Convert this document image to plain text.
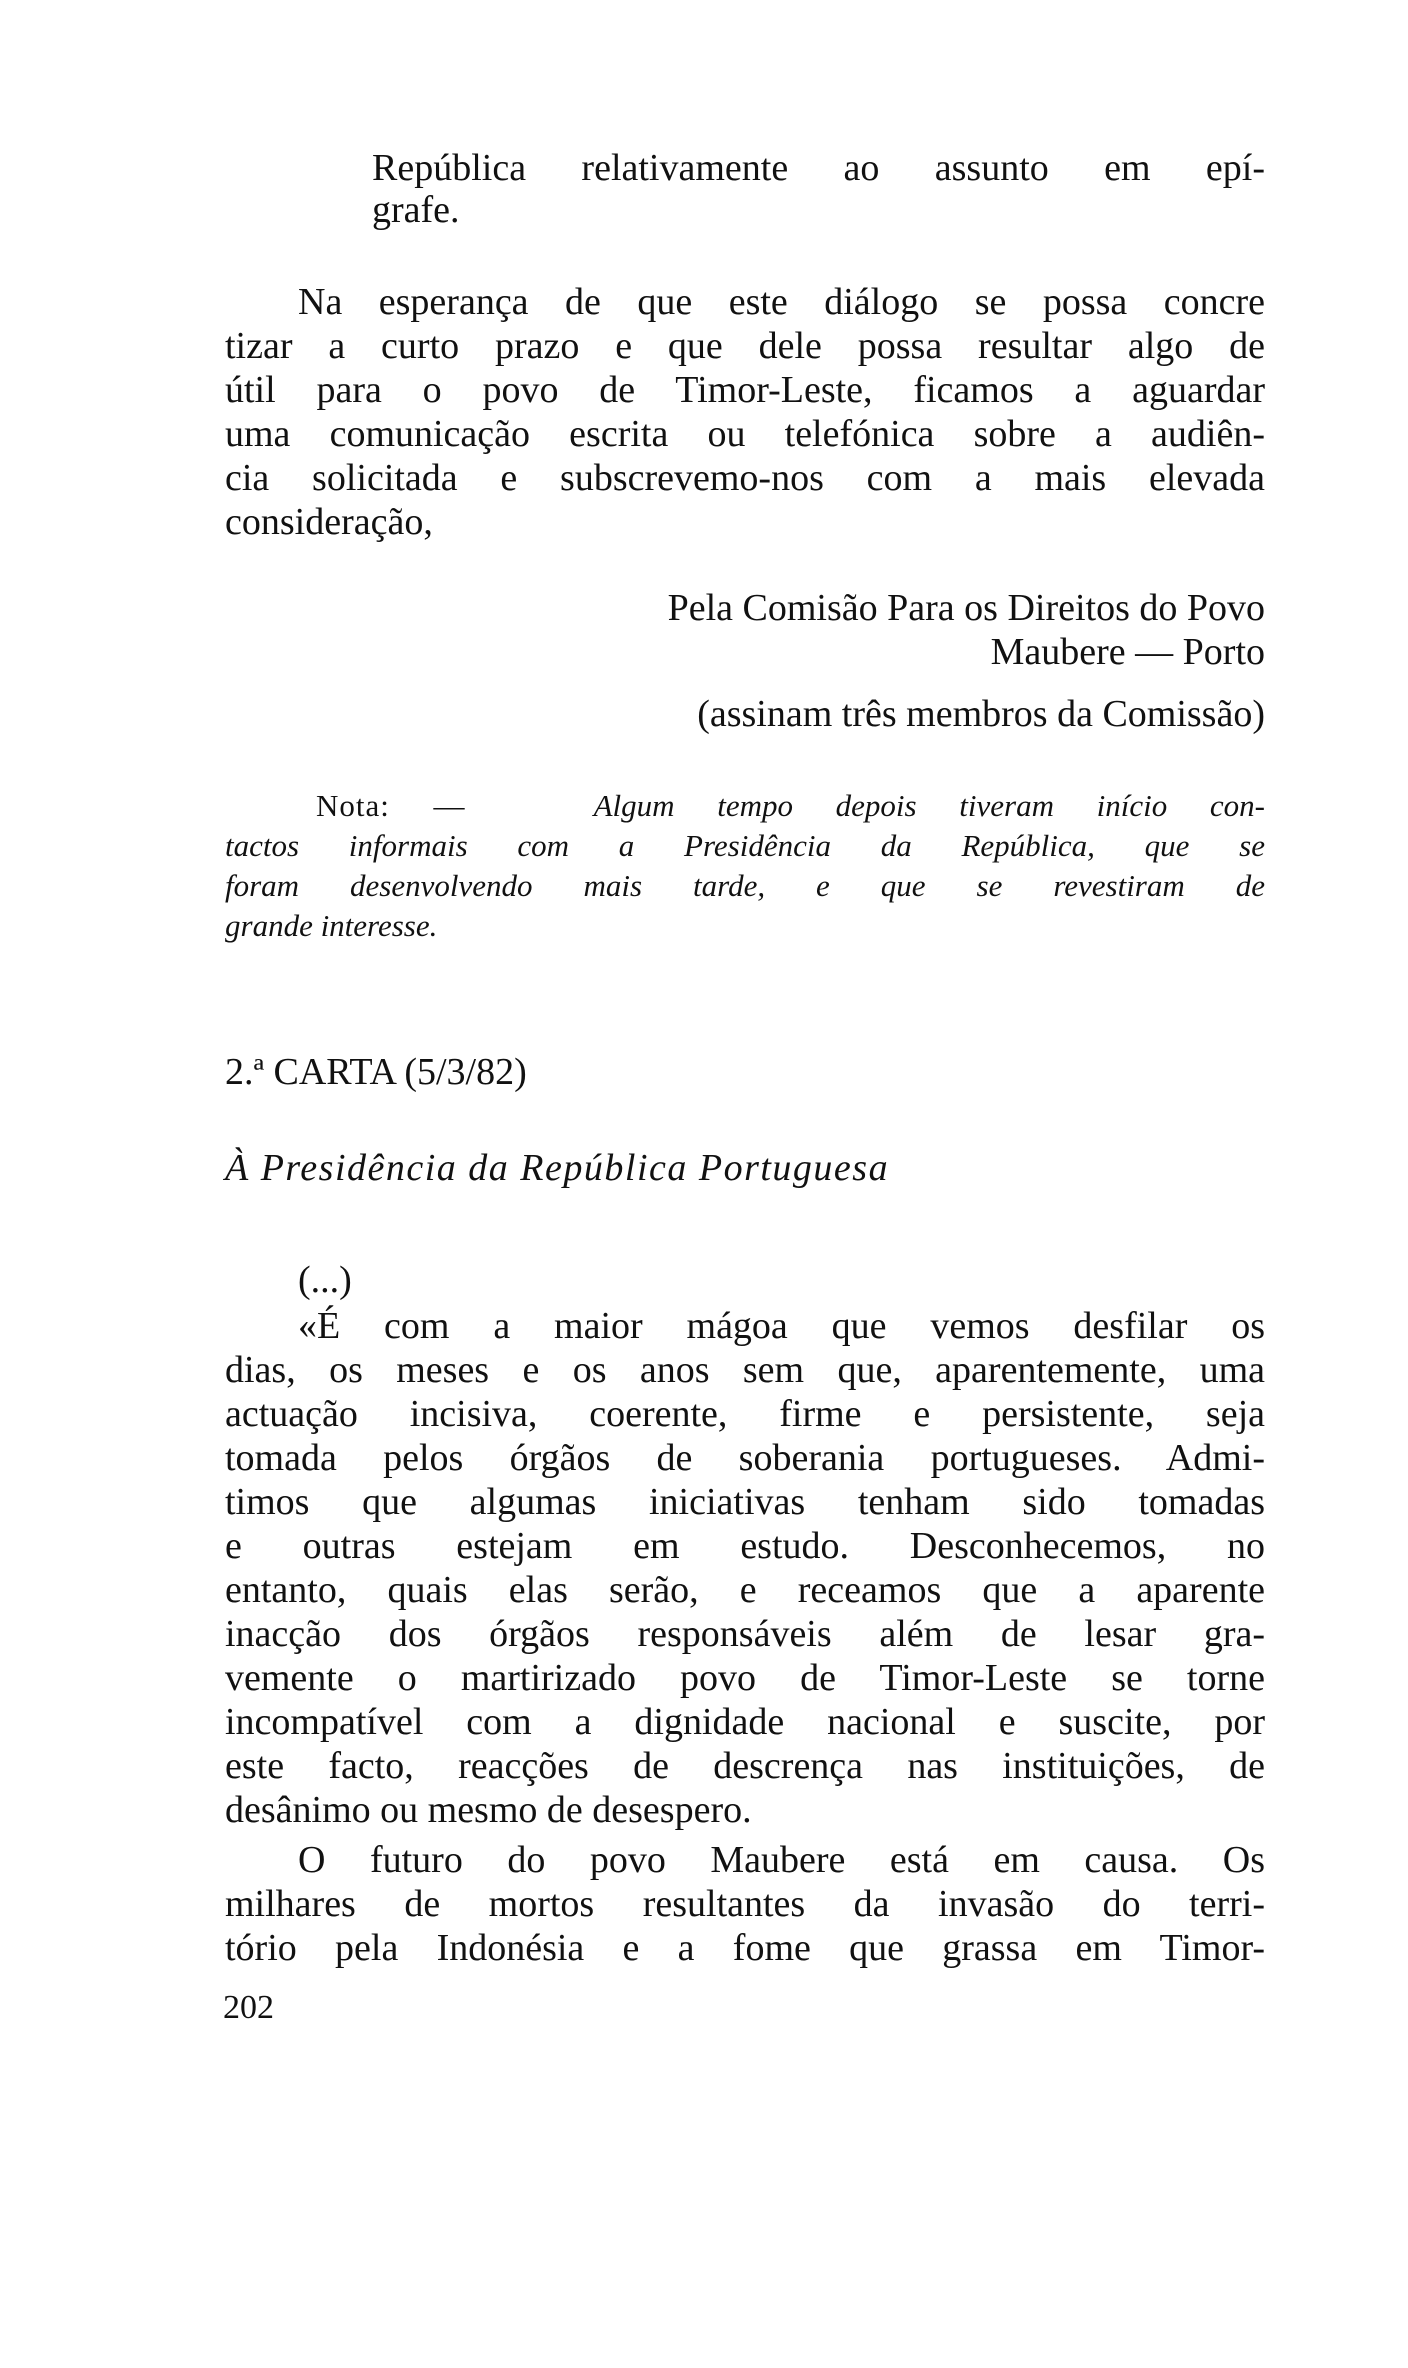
República relativamente ao assunto em epí-
grafe.
Na esperança de que este diálogo se possa concre
tizar a curto prazo e que dele possa resultar algo de
útil para o povo de Timor-Leste, ficamos a aguardar
uma comunicação escrita ou telefónica sobre a audiên-
cia solicitada e subscrevemo-nos com a mais elevada
consideração,
Pela Comisão Para os Direitos do Povo
Maubere — Porto
(assinam três membros da Comissão)
Nota: —	Algum tempo depois tiveram início con-
tactos informais com a Presidência da República, que se
foram desenvolvendo mais tarde, e que se revestiram de
grande interesse.
2.ª CARTA (5/3/82)
À Presidência da República Portuguesa
(...)
«É com a maior mágoa que vemos desfilar os
dias, os meses e os anos sem que, aparentemente, uma
actuação incisiva, coerente, firme e persistente, seja
tomada pelos órgãos de soberania portugueses. Admi-
timos que algumas iniciativas tenham sido tomadas
e outras estejam em estudo. Desconhecemos, no
entanto, quais elas serão, e receamos que a aparente
inacção dos órgãos responsáveis além de lesar gra-
vemente o martirizado povo de Timor-Leste se torne
incompatível com a dignidade nacional e suscite, por
este facto, reacções de descrença nas instituições, de
desânimo ou mesmo de desespero.
O futuro do povo Maubere está em causa. Os
milhares de mortos resultantes da invasão do terri-
tório pela Indonésia e a fome que grassa em Timor-
202
